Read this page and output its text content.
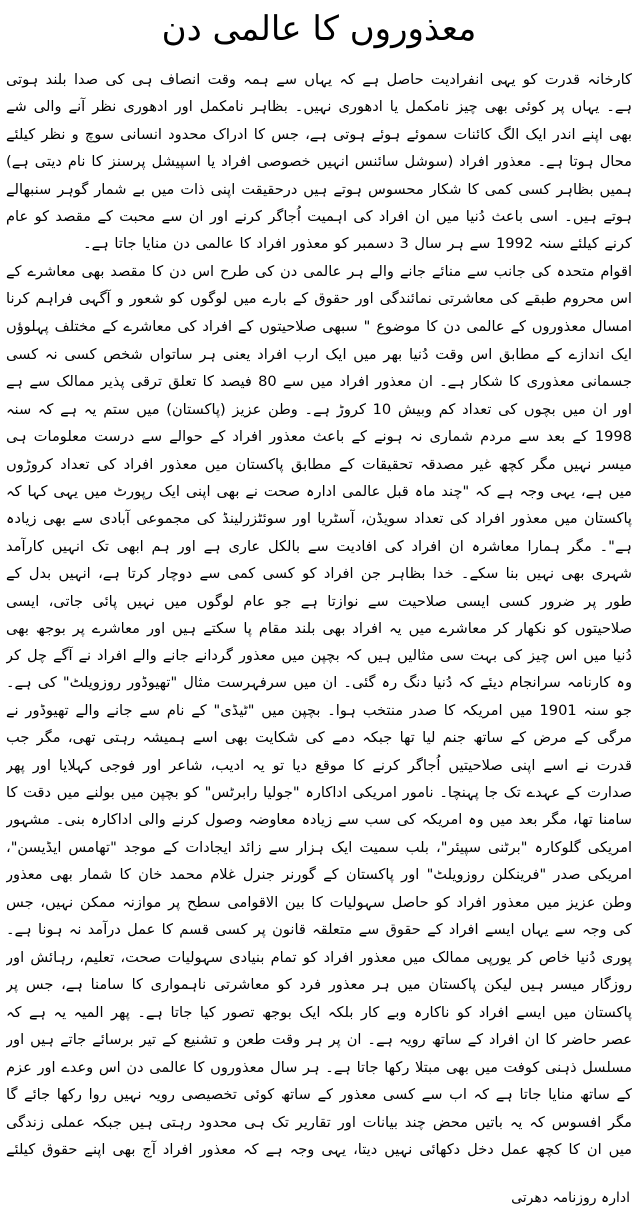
معذوروں کا عالمی دن

کارخانہ قدرت کو یہی انفرادیت حاصل ہے کہ یہاں سے ہمہ وقت انصاف ہی کی صدا بلند ہوتی ہے۔ یہاں پر کوئی بھی چیز نامکمل یا ادھوری نہیں۔ بظاہر نامکمل اور ادھوری نظر آنے والی شے بھی اپنے اندر ایک الگ کائنات سموئے ہوئے ہوتی ہے، جس کا ادراک محدود انسانی سوچ و نظر کیلئے محال ہوتا ہے۔ معذور افراد (سوشل سائنس انہیں خصوصی افراد یا اسپیشل پرسنز کا نام دیتی ہے) ہمیں بظاہر کسی کمی کا شکار محسوس ہوتے ہیں درحقیقت اپنی ذات میں بے شمار گوہر سنبھالے ہوتے ہیں۔ اسی باعث دُنیا میں ان افراد کی اہمیت اُجاگر کرنے اور ان سے محبت کے مقصد کو عام کرنے کیلئے سنہ 1992 سے ہر سال 3 دسمبر کو معذور افراد کا عالمی دن منایا جاتا ہے۔

اقوام متحدہ کی جانب سے منائے جانے والے ہر عالمی دن کی طرح اس دن کا مقصد بھی معاشرے کے اس محروم طبقے کی معاشرتی نمائندگی اور حقوق کے بارے میں لوگوں کو شعور و آگہی فراہم کرنا

امسال معذوروں کے عالمی دن کا موضوع " سبھی صلاحیتوں کے افراد کی معاشرے کے مختلف پہلوؤں

ایک اندازے کے مطابق اس وقت دُنیا بھر میں ایک ارب افراد یعنی ہر ساتواں شخص کسی نہ کسی جسمانی معذوری کا شکار ہے۔ ان معذور افراد میں سے 80 فیصد کا تعلق ترقی پذیر ممالک سے ہے اور ان میں بچوں کی تعداد کم وبیش 10 کروڑ ہے۔ وطن عزیز (پاکستان) میں ستم یہ ہے کہ سنہ 1998 کے بعد سے مردم شماری نہ ہونے کے باعث معذور افراد کے حوالے سے درست معلومات ہی میسر نہیں مگر کچھ غیر مصدقہ تحقیقات کے مطابق پاکستان میں معذور افراد کی تعداد کروڑوں میں ہے، یہی وجہ ہے کہ "چند ماہ قبل عالمی ادارہ صحت نے بھی اپنی ایک رپورٹ میں یہی کہا کہ پاکستان میں معذور افراد کی تعداد سویڈن، آسٹریا اور سوئٹزرلینڈ کی مجموعی آبادی سے بھی زیادہ ہے"۔ مگر ہمارا معاشرہ ان افراد کی افادیت سے بالکل عاری ہے اور ہم ابھی تک انہیں کارآمد شہری بھی نہیں بنا سکے۔ خدا بظاہر جن افراد کو کسی کمی سے دوچار کرتا ہے، انہیں بدل کے طور پر ضرور کسی ایسی صلاحیت سے نوازتا ہے جو عام لوگوں میں نہیں پائی جاتی، ایسی صلاحیتوں کو نکھار کر معاشرے میں یہ افراد بھی بلند مقام پا سکتے ہیں اور معاشرے پر بوجھ بھی

دُنیا میں اس چیز کی بہت سی مثالیں ہیں کہ بچپن میں معذور گردانے جانے والے افراد نے آگے چل کر وہ کارنامہ سرانجام دیئے کہ دُنیا دنگ رہ گئی۔ ان میں سرفہرست مثال "تھیوڈور روزویلٹ" کی ہے۔ جو سنہ 1901 میں امریکہ کا صدر منتخب ہوا۔ بچپن میں "ٹیڈی" کے نام سے جانے والے تھیوڈور نے مرگی کے مرض کے ساتھ جنم لیا تھا جبکہ دمے کی شکایت بھی اسے ہمیشہ رہتی تھی، مگر جب قدرت نے اسے اپنی صلاحیتیں اُجاگر کرنے کا موقع دیا تو یہ ادیب، شاعر اور فوجی کہلایا اور پھر صدارت کے عہدے تک جا پہنچا۔ نامور امریکی اداکارہ "جولیا رابرٹس" کو بچپن میں بولنے میں دقت کا سامنا تھا، مگر بعد میں وہ امریکہ کی سب سے زیادہ معاوضہ وصول کرنے والی اداکارہ بنی۔ مشہور امریکی گلوکارہ "برٹنی سپیئر"، بلب سمیت ایک ہزار سے زائد ایجادات کے موجد "تھامس ایڈیسن"، امریکی صدر "فرینکلن روزویلٹ" اور پاکستان کے گورنر جنرل غلام محمد خان کا شمار بھی معذور

وطن عزیز میں معذور افراد کو حاصل سہولیات کا بین الاقوامی سطح پر موازنہ ممکن نہیں، جس کی وجہ سے یہاں ایسے افراد کے حقوق سے متعلقہ قانون پر کسی قسم کا عمل درآمد نہ ہونا ہے۔ پوری دُنیا خاص کر یورپی ممالک میں معذور افراد کو تمام بنیادی سہولیات صحت، تعلیم، رہائش اور روزگار میسر ہیں لیکن پاکستان میں ہر معذور فرد کو معاشرتی ناہمواری کا سامنا ہے، جس پر

پاکستان میں ایسے افراد کو ناکارہ وبے کار بلکہ ایک بوجھ تصور کیا جاتا ہے۔ پھر المیہ یہ ہے کہ عصر حاضر کا ان افراد کے ساتھ رویہ ہے۔ ان پر ہر وقت طعن و تشنیع کے تیر برسائے جاتے ہیں اور مسلسل ذہنی کوفت میں بھی مبتلا رکھا جاتا ہے۔ ہر سال معذوروں کا عالمی دن اس وعدے اور عزم کے ساتھ منایا جاتا ہے کہ اب سے کسی معذور کے ساتھ کوئی تخصیصی رویہ نہیں روا رکھا جائے گا مگر افسوس کہ یہ باتیں محض چند بیانات اور تقاریر تک ہی محدود رہتی ہیں جبکہ عملی زندگی میں ان کا کچھ عمل دخل دکھائی نہیں دیتا، یہی وجہ ہے کہ معذور افراد آج بھی اپنے حقوق کیلئے

ادارہ روزنامہ دھرتی
